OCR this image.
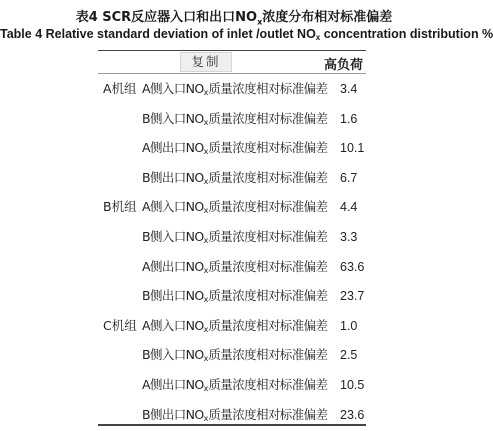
表4 SCR反应器入口和出口$NO_x$浓度分布相对标准偏差
Table 4 Relative standard deviation of inlet /outlet $NO_x$ concentration distribution %
复制	高负荷
A机组 A侧入口$NO_x$质量浓度相对标准偏差 3.4
B侧入口$NO_x$质量浓度相对标准偏差 1.6
A侧出口$NO_x$质量浓度相对标准偏差 10.1
B侧出口$NO_x$质量浓度相对标准偏差 6.7
B机组 A侧入口$NO_x$质量浓度相对标准偏差 4.4
B侧入口$NO_x$质量浓度相对标准偏差 3.3
A侧出口$NO_x$质量浓度相对标准偏差 63.6
B侧出口$NO_x$质量浓度相对标准偏差 23.7
C机组 A侧入口$NO_x$质量浓度相对标准偏差 1.0
B侧入口$NO_x$质量浓度相对标准偏差 2.5
A侧出口$NO_x$质量浓度相对标准偏差 10.5
B侧出口$NO_x$质量浓度相对标准偏差 23.6
